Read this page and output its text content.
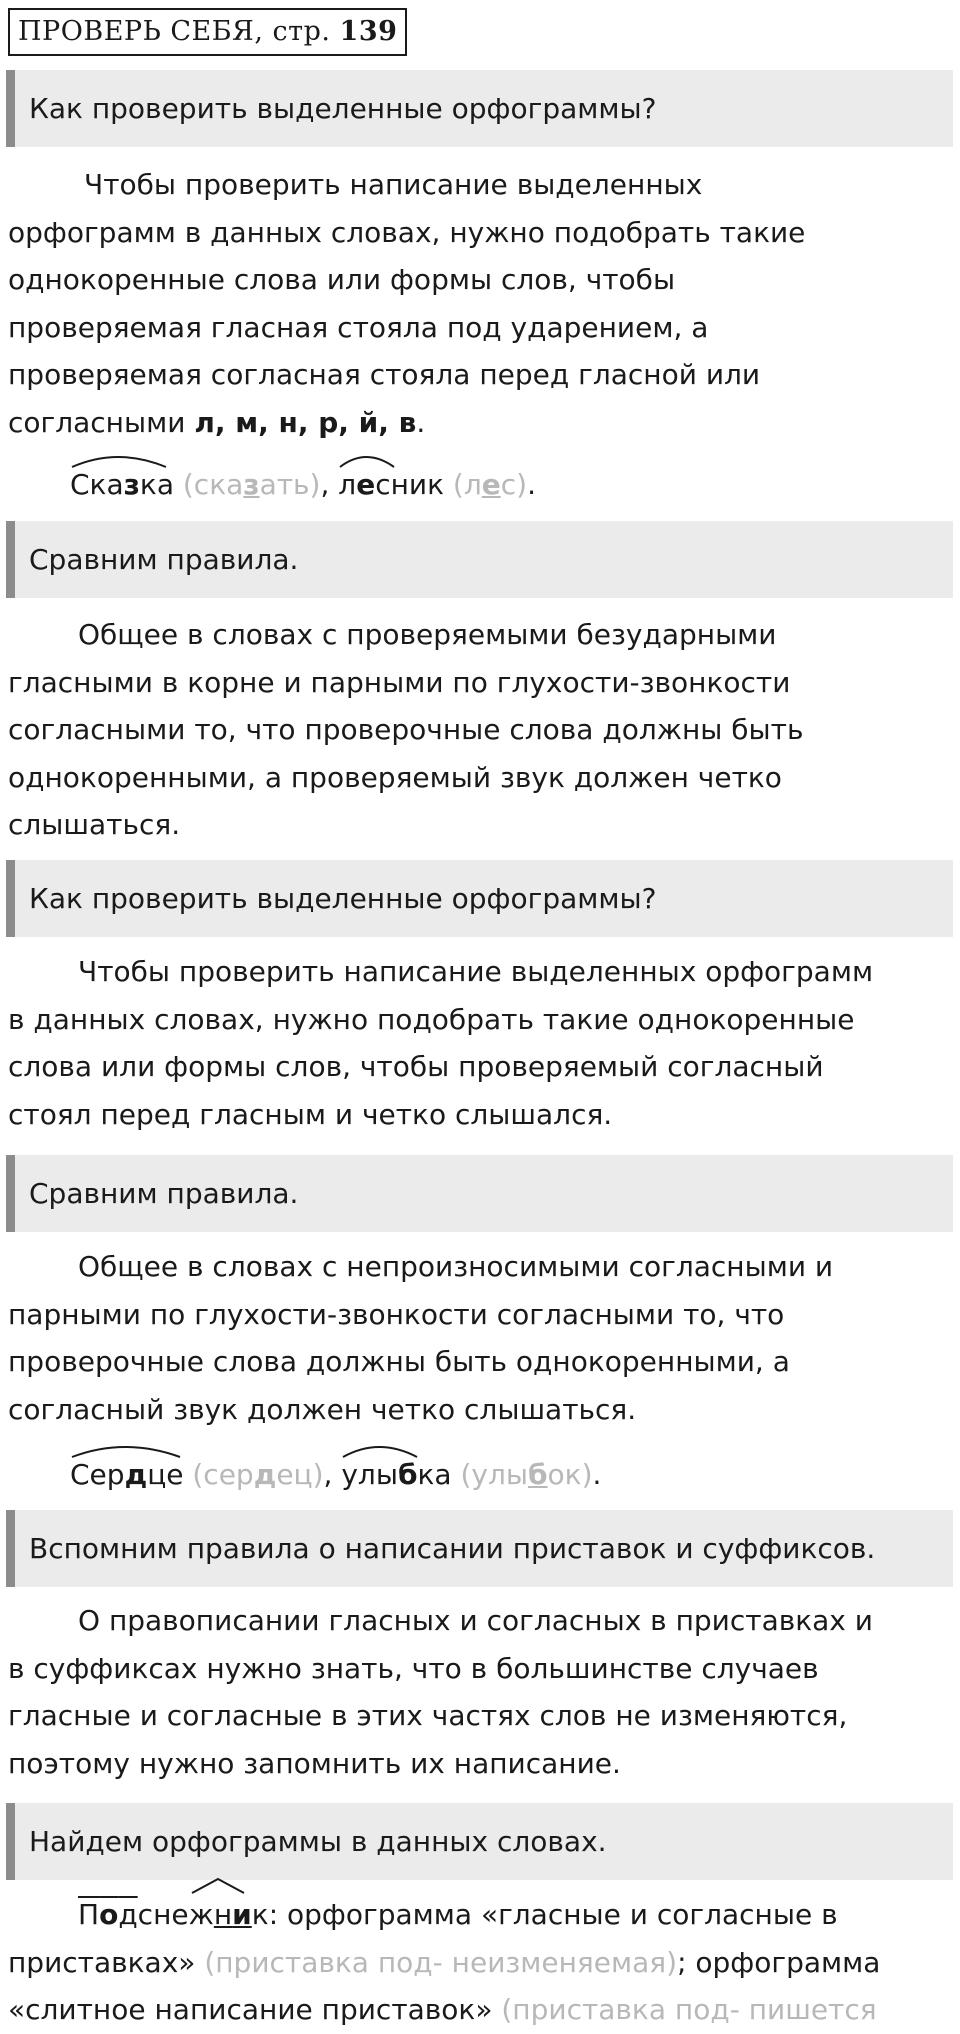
ПРОВЕРЬ СЕБЯ, стр. 139
Как проверить выделенные орфограммы?
Чтобы проверить написание выделенных
орфограмм в данных словах, нужно подобрать такие
однокоренные слова или формы слов, чтобы
проверяемая гласная стояла под ударением, а
проверяемая согласная стояла перед гласной или
согласными л, м, н, р, й, в.
Сказка (сказать),
лесник (лес).
Сравним правила.
Общее в словах с проверяемыми безударными
гласными в корне и парными по глухости-звонкости
согласными то, что проверочные слова должны быть
однокоренными, а проверяемый звук должен четко
слышаться.
Как проверить выделенные орфограммы?
Чтобы проверить написание выделенных орфограмм
в данных словах, нужно подобрать такие однокоренные
слова или формы слов, чтобы проверяемый согласный
стоял перед гласным и четко слышался.
Сравним правила.
Общее в словах с непроизносимыми согласными и
парными по глухости-звонкости согласными то, что
проверочные слова должны быть однокоренными, а
согласный звук должен четко слышаться.
Сердце (сердец),
улыбка (улыбок).
Вспомним правила о написании приставок и суффиксов.
О правописании гласных и согласных в приставках и
в суффиксах нужно знать, что в большинстве случаев
гласные и согласные в этих частях слов не изменяются,
поэтому нужно запомнить их написание.
Найдем орфограммы в данных словах.
Подснежник: орфограмма «гласные и согласные в
приставках» (приставка под- неизменяемая); орфограмма
«слитное написание приставок» (приставка под- пишется
